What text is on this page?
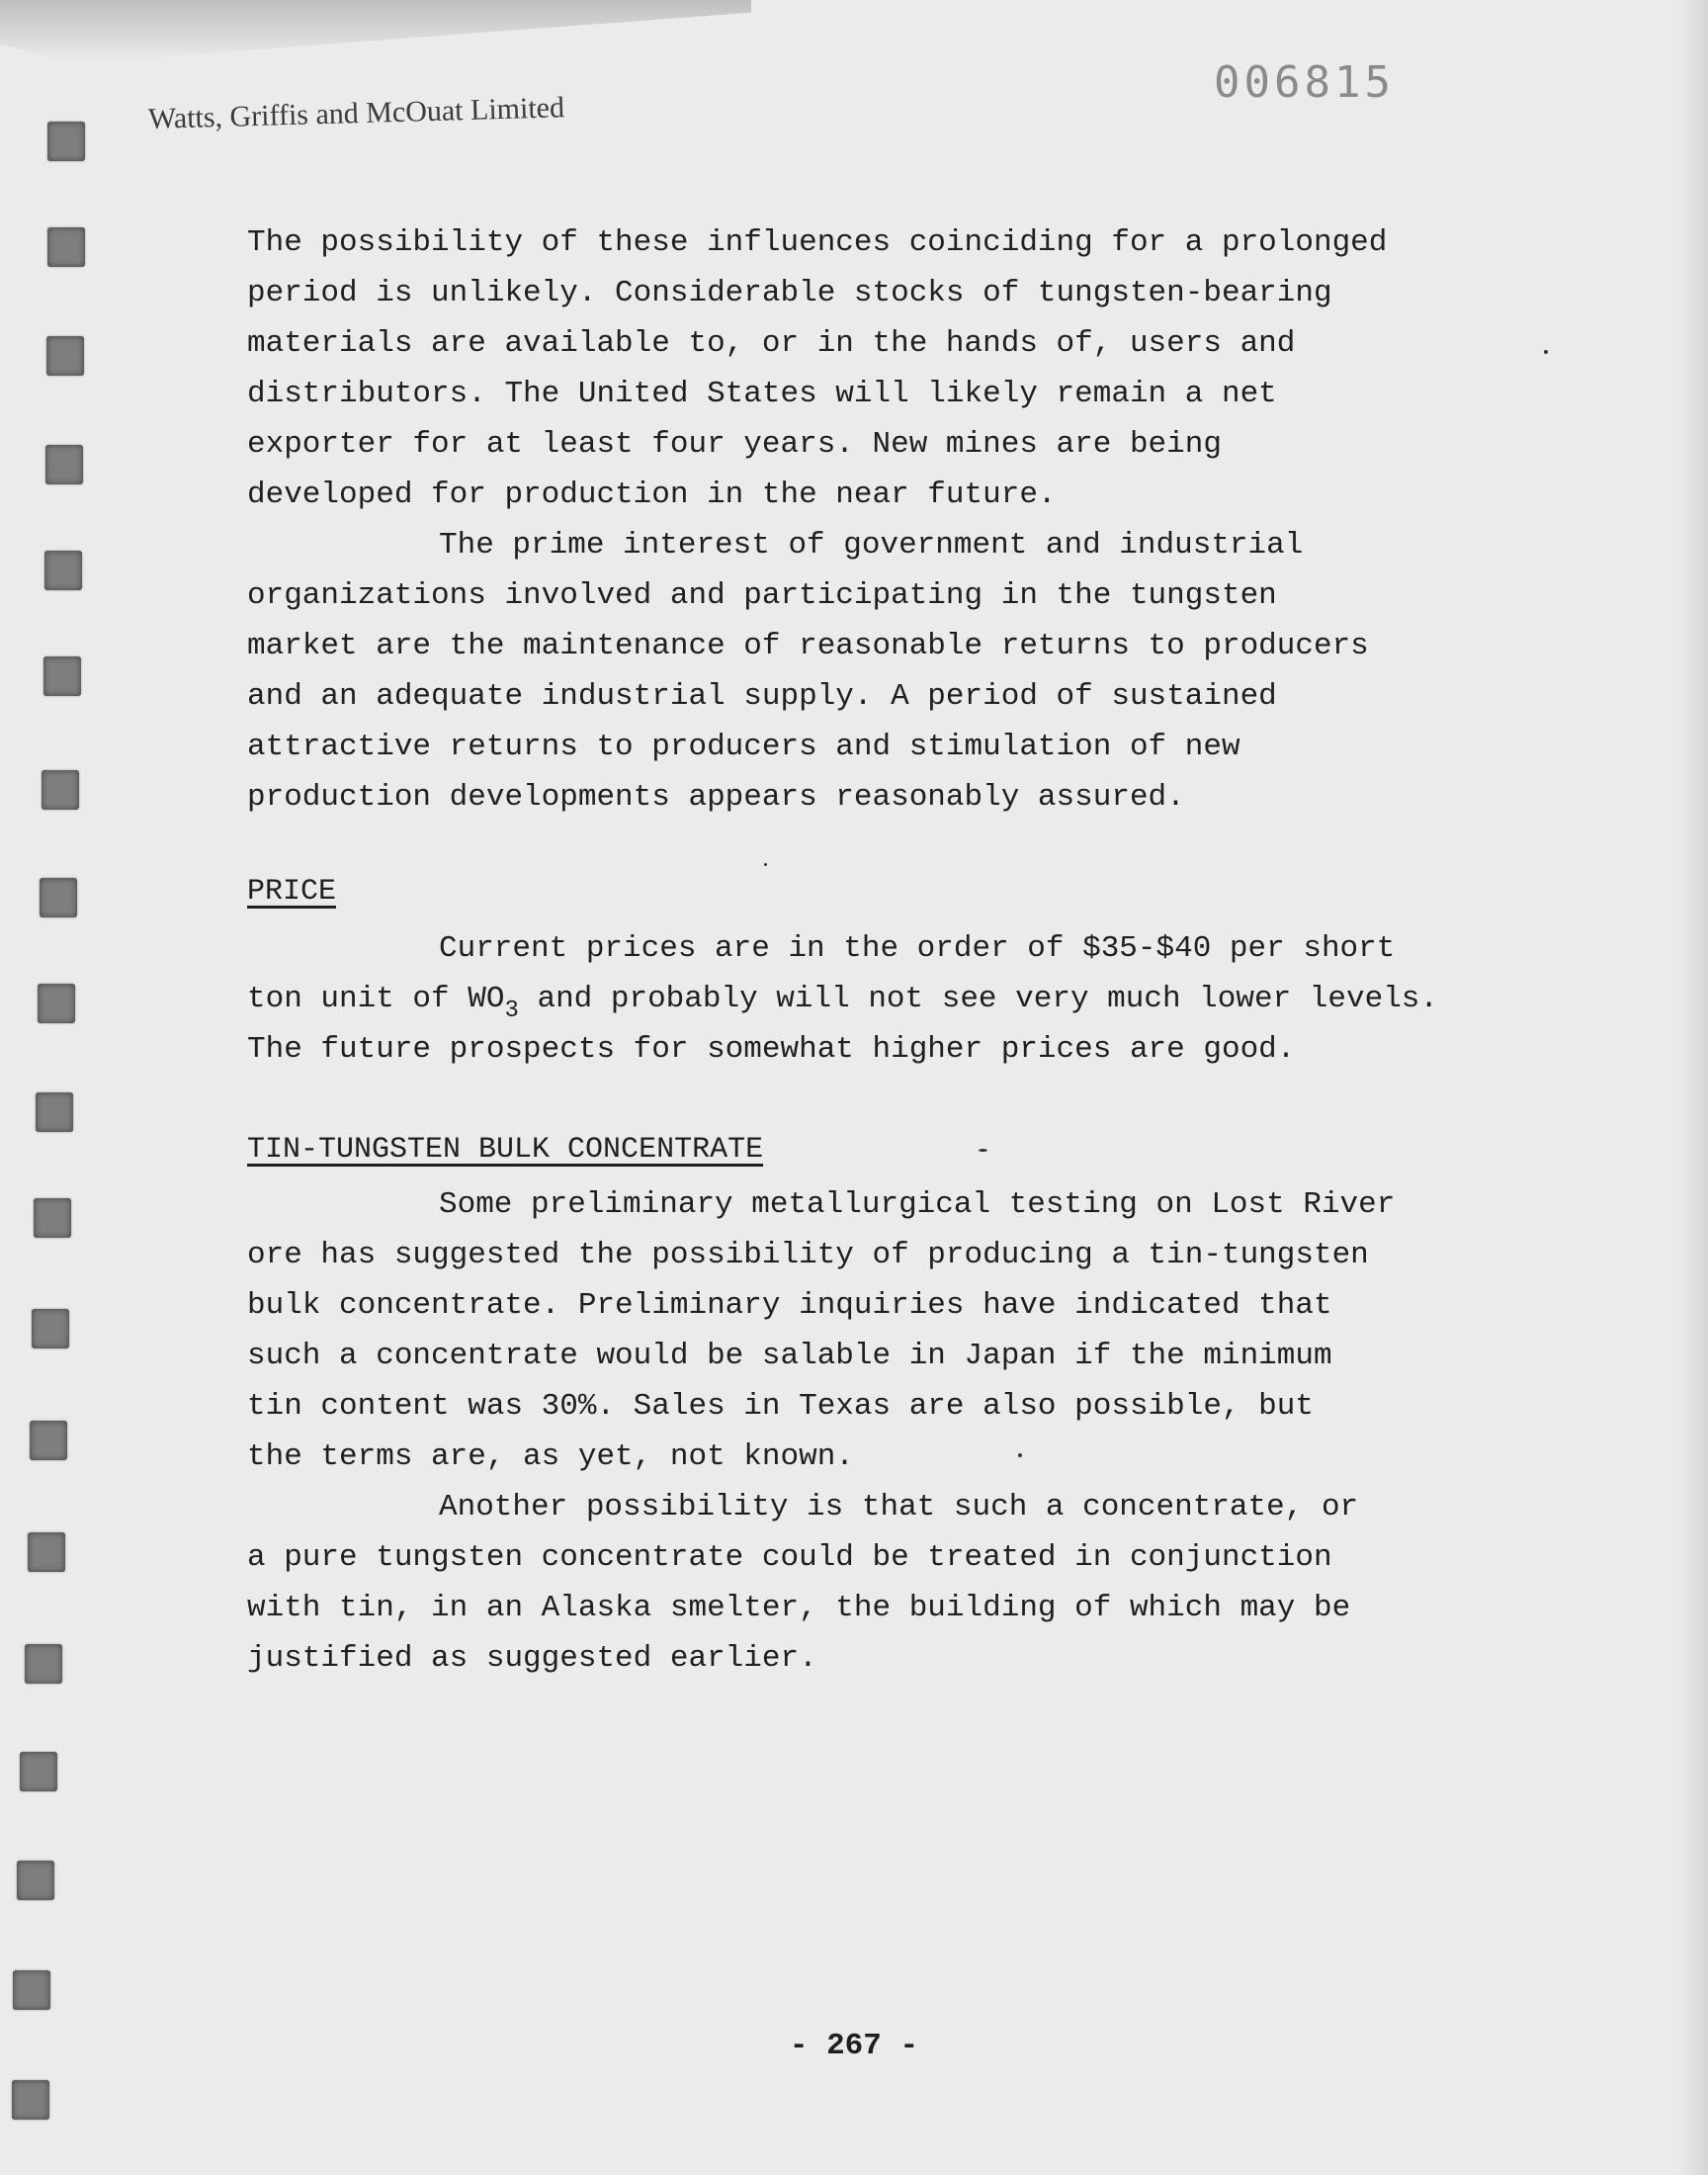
006815
Watts, Griffis and McOuat Limited
The possibility of these influences coinciding for a prolonged
period is unlikely. Considerable stocks of tungsten-bearing
materials are available to, or in the hands of, users and
distributors. The United States will likely remain a net
exporter for at least four years. New mines are being
developed for production in the near future.
The prime interest of government and industrial
organizations involved and participating in the tungsten
market are the maintenance of reasonable returns to producers
and an adequate industrial supply. A period of sustained
attractive returns to producers and stimulation of new
production developments appears reasonably assured.
PRICE
Current prices are in the order of $35-$40 per short
ton unit of $WO_3$ and probably will not see very much lower levels.
The future prospects for somewhat higher prices are good.
TIN-TUNGSTEN BULK CONCENTRATE
Some preliminary metallurgical testing on Lost River
ore has suggested the possibility of producing a tin-tungsten
bulk concentrate. Preliminary inquiries have indicated that
such a concentrate would be salable in Japan if the minimum
tin content was 30%. Sales in Texas are also possible, but
the terms are, as yet, not known.
Another possibility is that such a concentrate, or
a pure tungsten concentrate could be treated in conjunction
with tin, in an Alaska smelter, the building of which may be
justified as suggested earlier.
- 267 -
